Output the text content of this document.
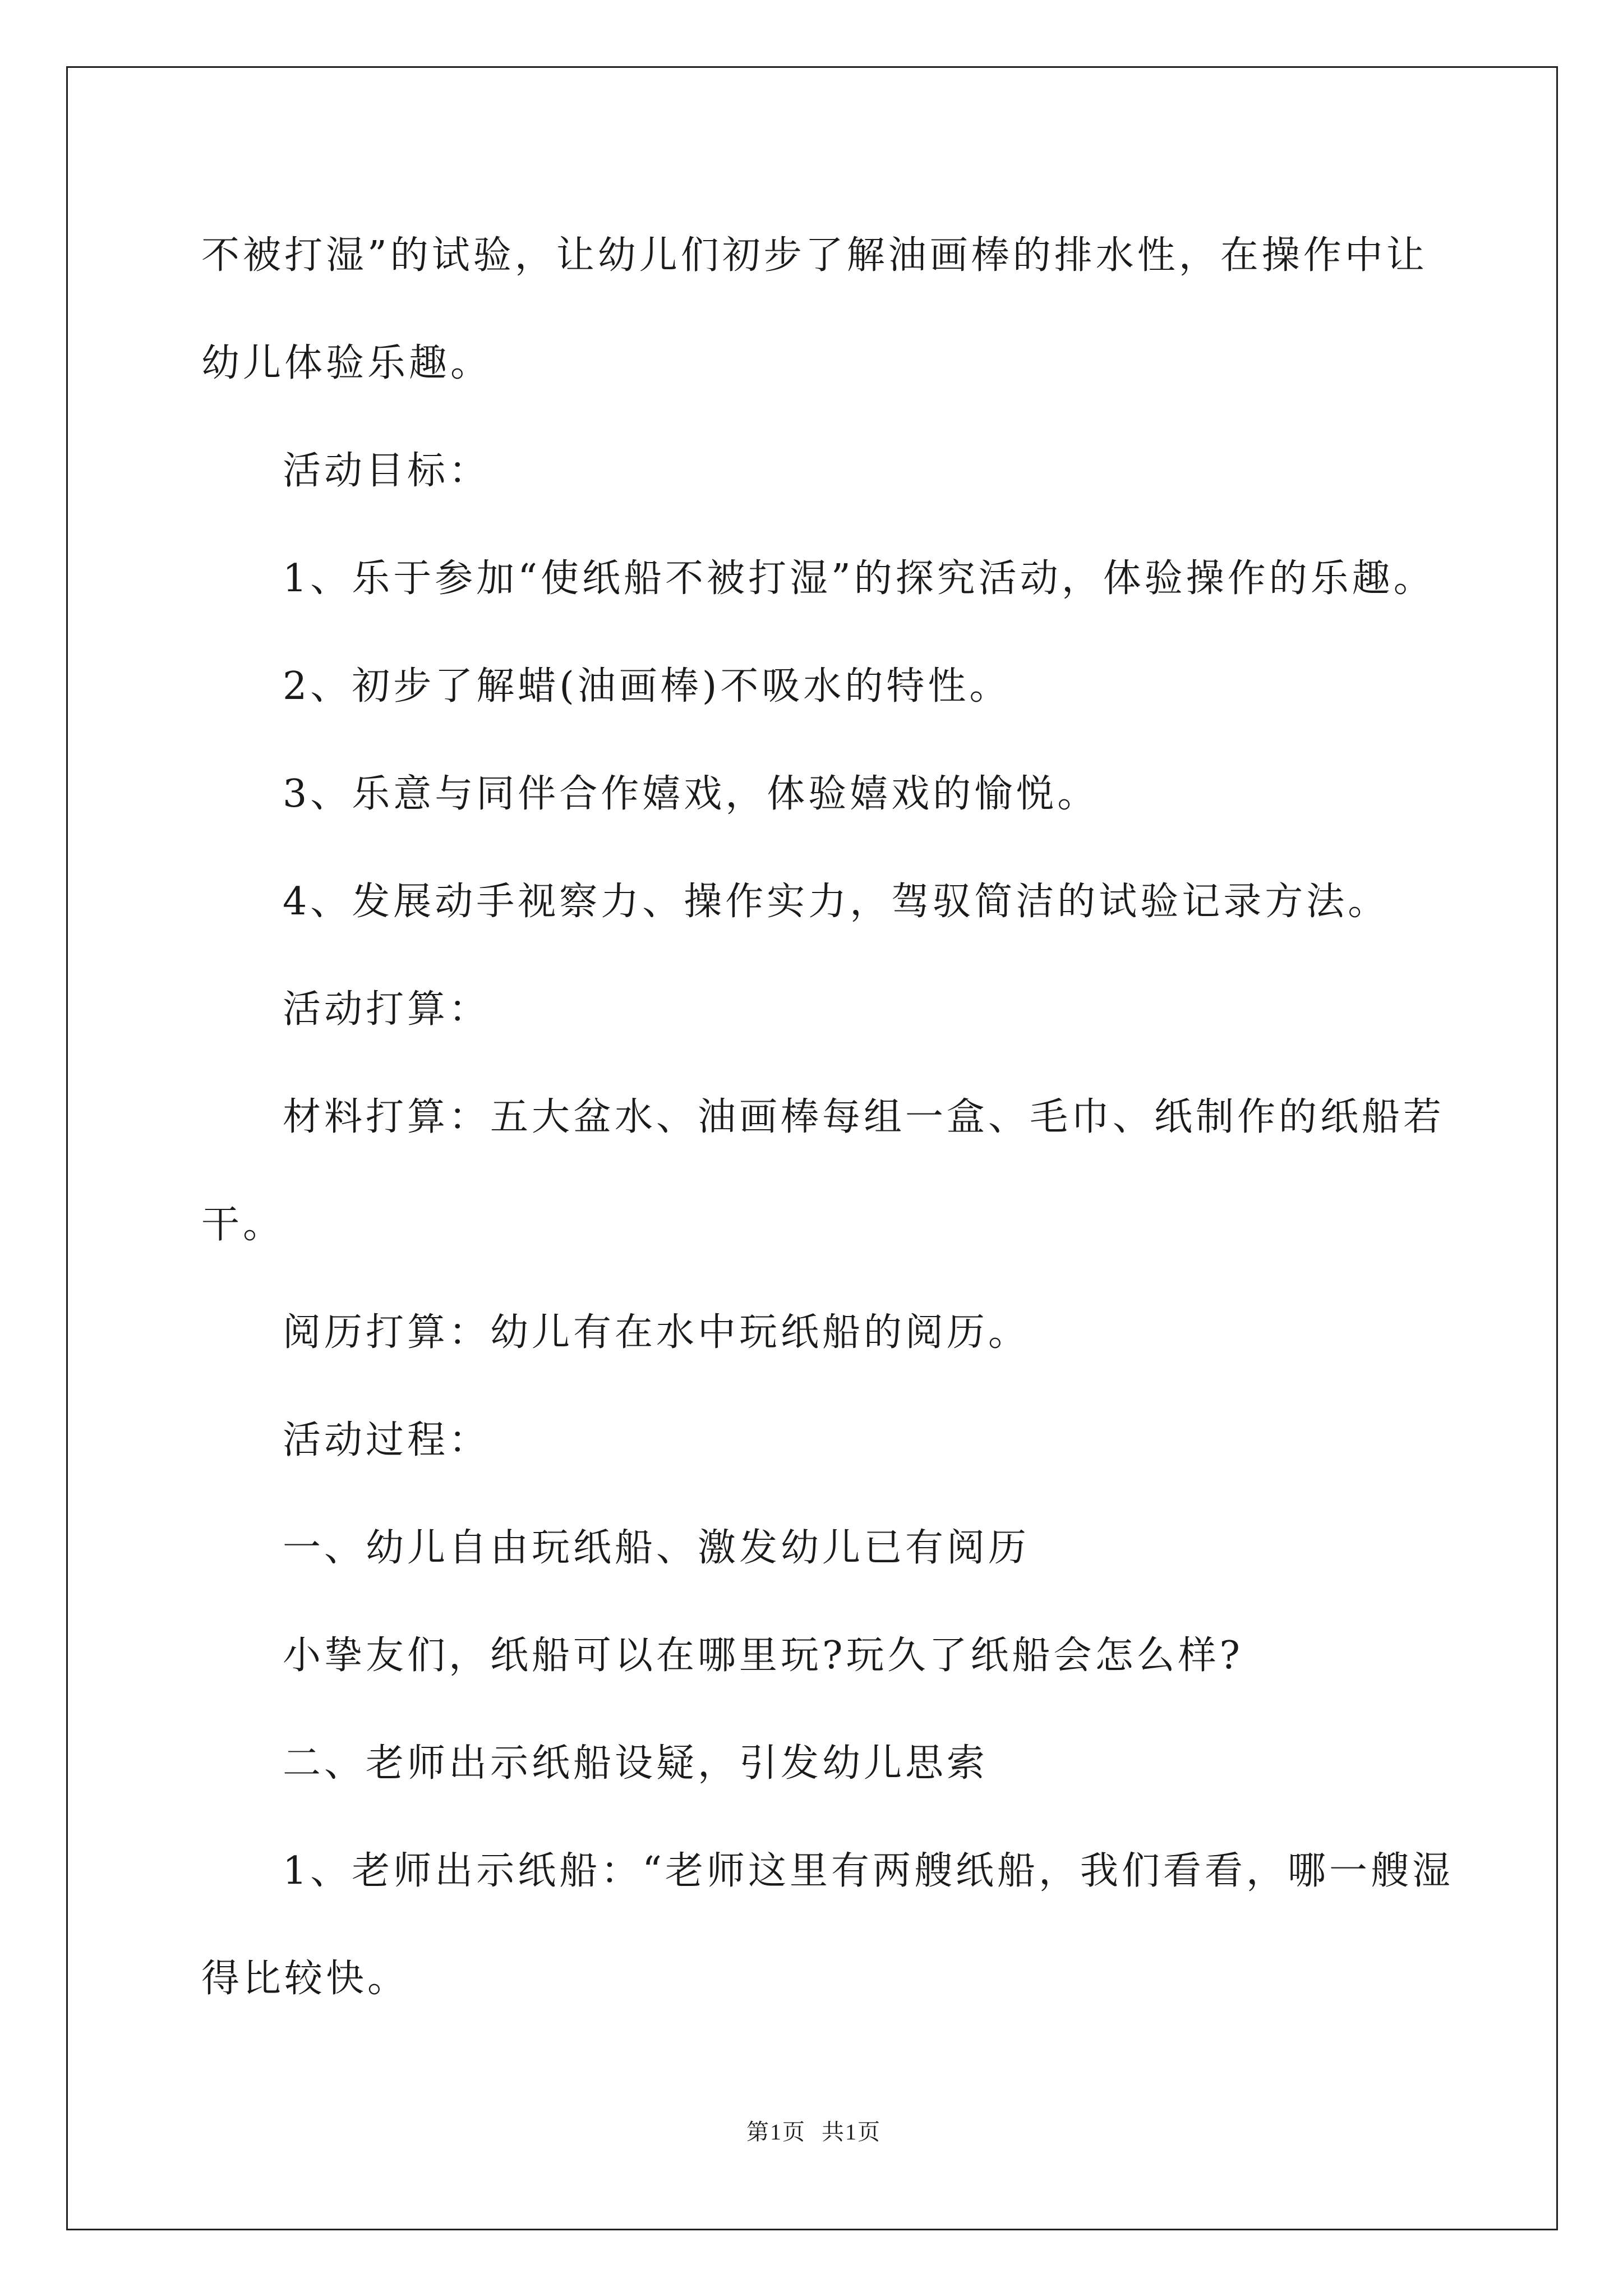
不被打湿”的试验，让幼儿们初步了解油画棒的排水性，在操作中让
幼儿体验乐趣。
活动目标：
1、乐于参加“使纸船不被打湿”的探究活动，体验操作的乐趣。
2、初步了解蜡(油画棒)不吸水的特性。
3、乐意与同伴合作嬉戏，体验嬉戏的愉悦。
4、发展动手视察力、操作实力，驾驭简洁的试验记录方法。
活动打算：
材料打算：五大盆水、油画棒每组一盒、毛巾、纸制作的纸船若
干。
阅历打算：幼儿有在水中玩纸船的阅历。
活动过程：
一、幼儿自由玩纸船、激发幼儿已有阅历
小挚友们，纸船可以在哪里玩?玩久了纸船会怎么样?
二、老师出示纸船设疑，引发幼儿思索
1、老师出示纸船：“老师这里有两艘纸船，我们看看，哪一艘湿
得比较快。
第1页 共1页
